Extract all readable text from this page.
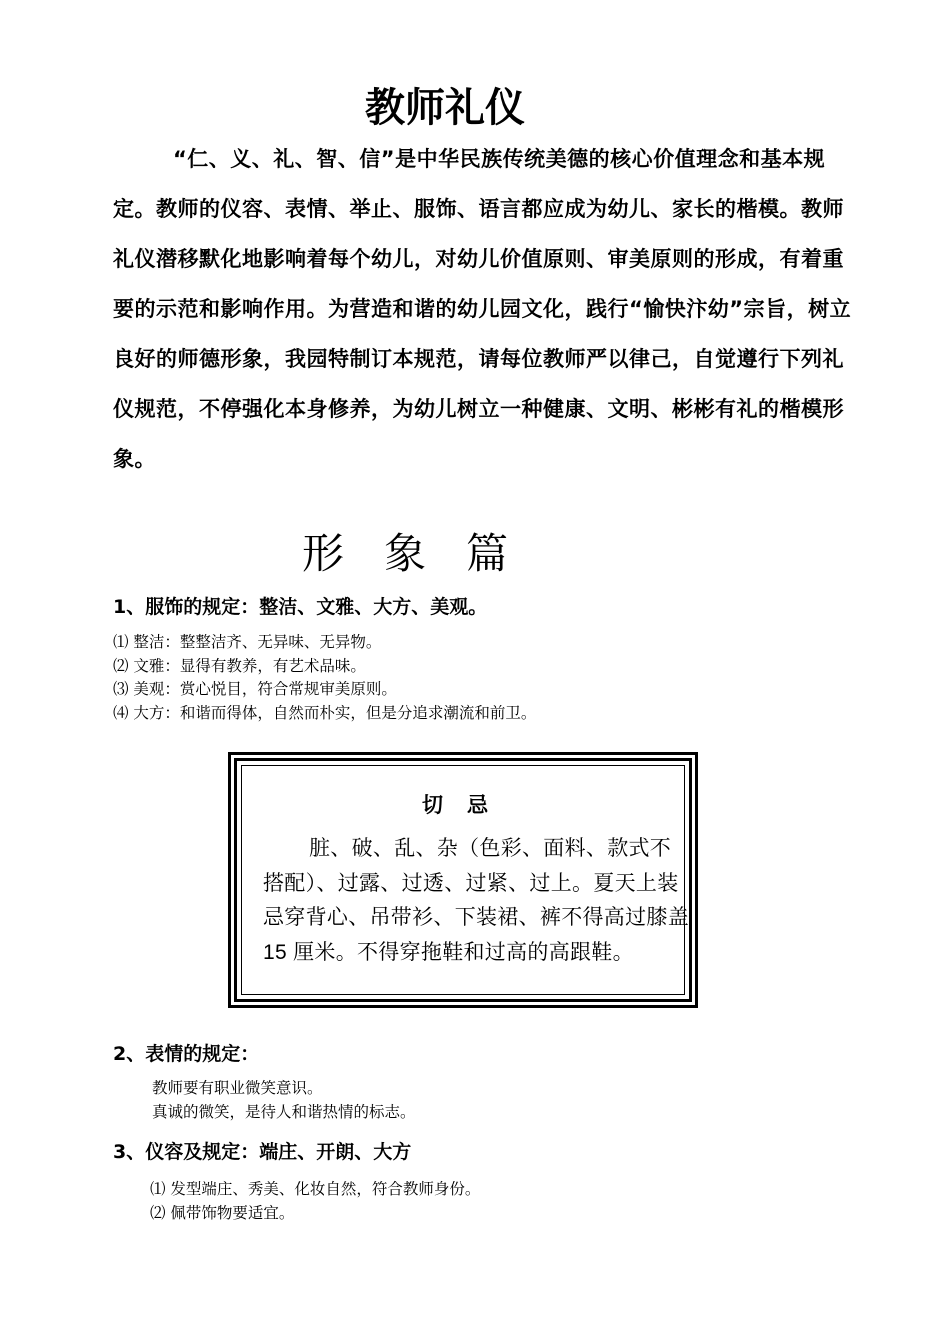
教师礼仪

“仁、义、礼、智、信”是中华民族传统美德的核心价值理念和基本规定。教师的仪容、表情、举止、服饰、语言都应成为幼儿、家长的楷模。教师礼仪潜移默化地影响着每个幼儿，对幼儿价值原则、审美原则的形成，有着重要的示范和影响作用。为营造和谐的幼儿园文化，践行“愉快汴幼”宗旨，树立良好的师德形象，我园特制订本规范，请每位教师严以律己，自觉遵行下列礼仪规范，不停强化本身修养，为幼儿树立一种健康、文明、彬彬有礼的楷模形象。

形象篇

1、服饰的规定：整洁、文雅、大方、美观。

⑴ 整洁：整整洁齐、无异味、无异物。
⑵ 文雅：显得有教养，有艺术品味。
⑶ 美观：赏心悦目，符合常规审美原则。
⑷ 大方：和谐而得体，自然而朴实，但是分追求潮流和前卫。
切忌

脏、破、乱、杂（色彩、面料、款式不搭配）、过露、过透、过紧、过上。夏天上装忌穿背心、吊带衫、下装裙、裤不得高过膝盖 15 厘米。不得穿拖鞋和过高的高跟鞋。

2、表情的规定：

教师要有职业微笑意识。
真诚的微笑，是待人和谐热情的标志。

3、仪容及规定：端庄、开朗、大方

⑴ 发型端庄、秀美、化妆自然，符合教师身份。
⑵ 佩带饰物要适宜。
